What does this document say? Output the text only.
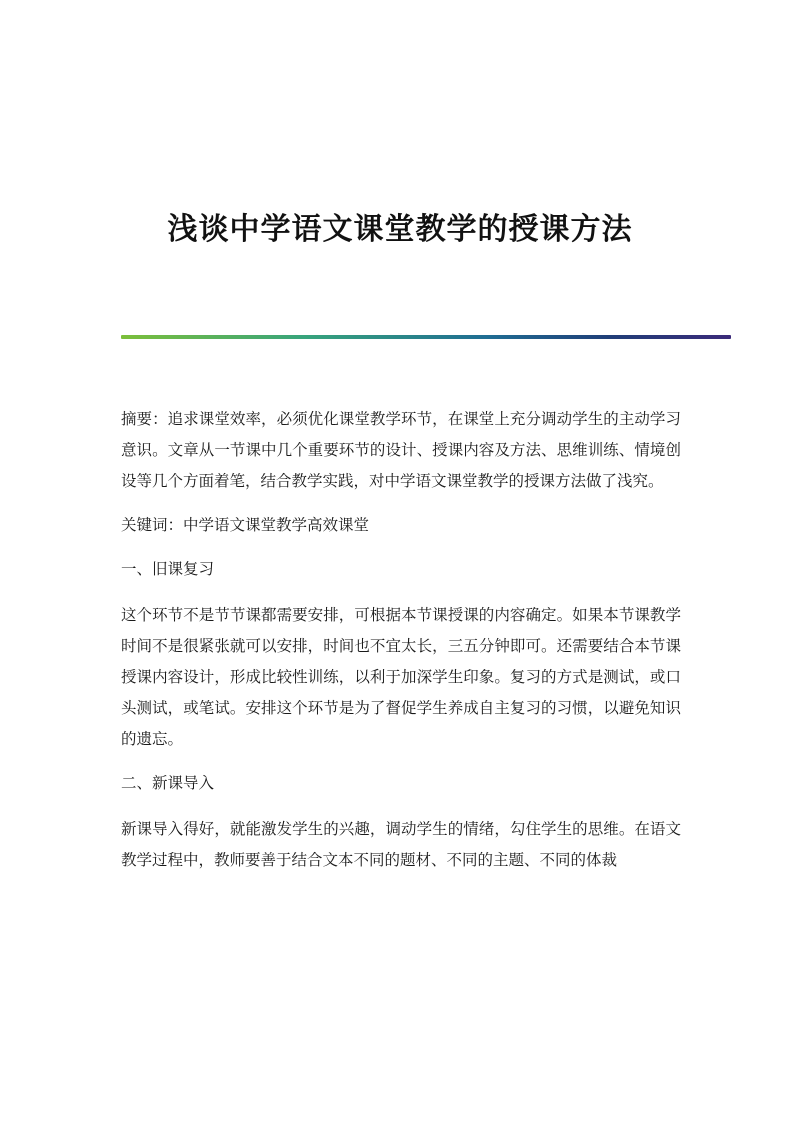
浅谈中学语文课堂教学的授课方法

摘要：追求课堂效率，必须优化课堂教学环节，在课堂上充分调动学生的主动学习意识。文章从一节课中几个重要环节的设计、授课内容及方法、思维训练、情境创设等几个方面着笔，结合教学实践，对中学语文课堂教学的授课方法做了浅究。

关键词：中学语文课堂教学高效课堂

一、旧课复习

这个环节不是节节课都需要安排，可根据本节课授课的内容确定。如果本节课教学时间不是很紧张就可以安排，时间也不宜太长，三五分钟即可。还需要结合本节课授课内容设计，形成比较性训练，以利于加深学生印象。复习的方式是测试，或口头测试，或笔试。安排这个环节是为了督促学生养成自主复习的习惯，以避免知识的遗忘。

二、新课导入

新课导入得好，就能激发学生的兴趣，调动学生的情绪，勾住学生的思维。在语文教学过程中，教师要善于结合文本不同的题材、不同的主题、不同的体裁
